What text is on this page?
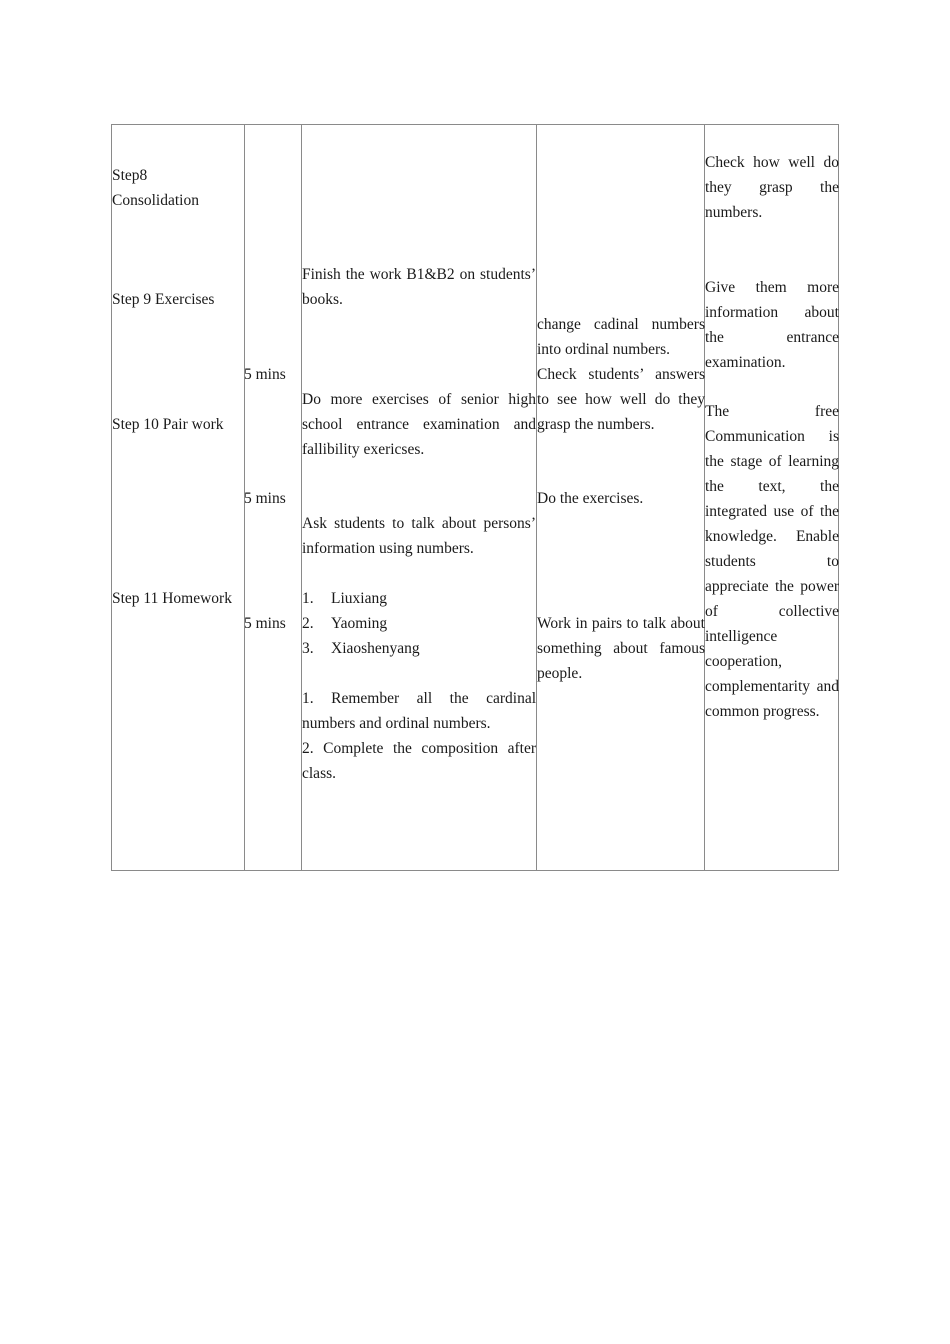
Step8
Consolidation
Step 9 Exercises
Step 10 Pair work
Step 11 Homework
5 mins
5 mins
5 mins
Finish the work B1&B2 on students’ books.
Do more exercises of senior high school entrance examination and fallibility exericses.
Ask students to talk about persons’ information using numbers.
1. Liuxiang
2. Yaoming
3. Xiaoshenyang
1. Remember all the cardinal numbers and ordinal numbers.
2. Complete the composition after class.
change cadinal numbers into ordinal numbers.
Check students’ answers to see how well do they grasp the numbers.
Do the exercises.
Work in pairs to talk about something about famous people.
Check how well do they grasp the numbers.
Give them more information about the entrance examination.
The free Communication is the stage of learning the text, the integrated use of the knowledge. Enable students to appreciate the power of collective intelligence cooperation, complementarity and common progress.
